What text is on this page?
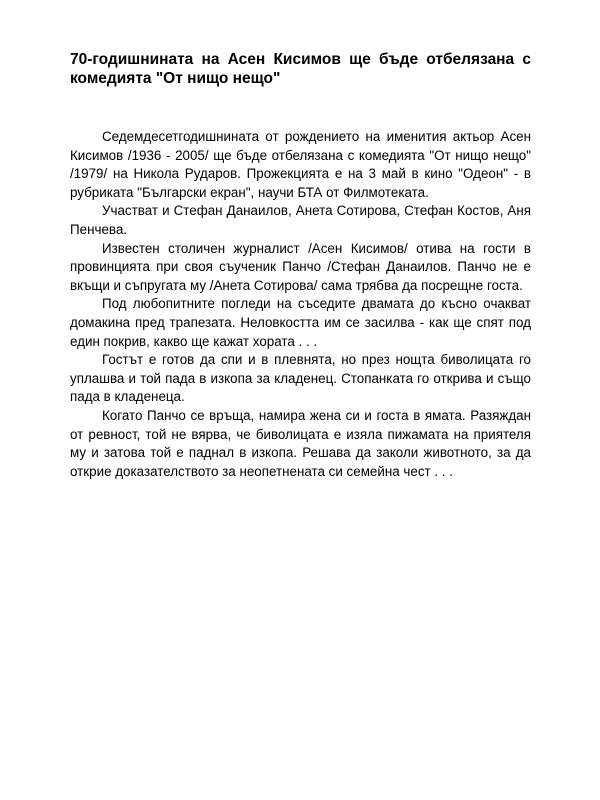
70-годишнината на Асен Кисимов ще бъде отбелязана с комедията "От нищо нещо"

Седемдесетгодишнината от рождението на именития актьор Асен Кисимов /1936 - 2005/ ще бъде отбелязана с комедията "От нищо нещо" /1979/ на Никола Рударов. Прожекцията е на 3 май в кино "Одеон" - в рубриката "Български екран", научи БТА от Филмотеката.

Участват и Стефан Данаилов, Анета Сотирова, Стефан Костов, Аня Пенчева.

Известен столичен журналист /Асен Кисимов/ отива на гости в провинцията при своя съученик Панчо /Стефан Данаилов. Панчо не е вкъщи и съпругата му /Анета Сотирова/ сама трябва да посрещне госта.

Под любопитните погледи на съседите двамата до късно очакват домакина пред трапезата. Неловкостта им се засилва - как ще спят под един покрив, какво ще кажат хората . . .

Гостът е готов да спи и в плевнята, но през нощта биволицата го уплашва и той пада в изкопа за кладенец. Стопанката го открива и също пада в кладенеца.

Когато Панчо се връща, намира жена си и госта в ямата. Разяждан от ревност, той не вярва, че биволицата е изяла пижамата на приятеля му и затова той е паднал в изкопа. Решава да заколи животното, за да открие доказателството за неопетнената си семейна чест . . .
